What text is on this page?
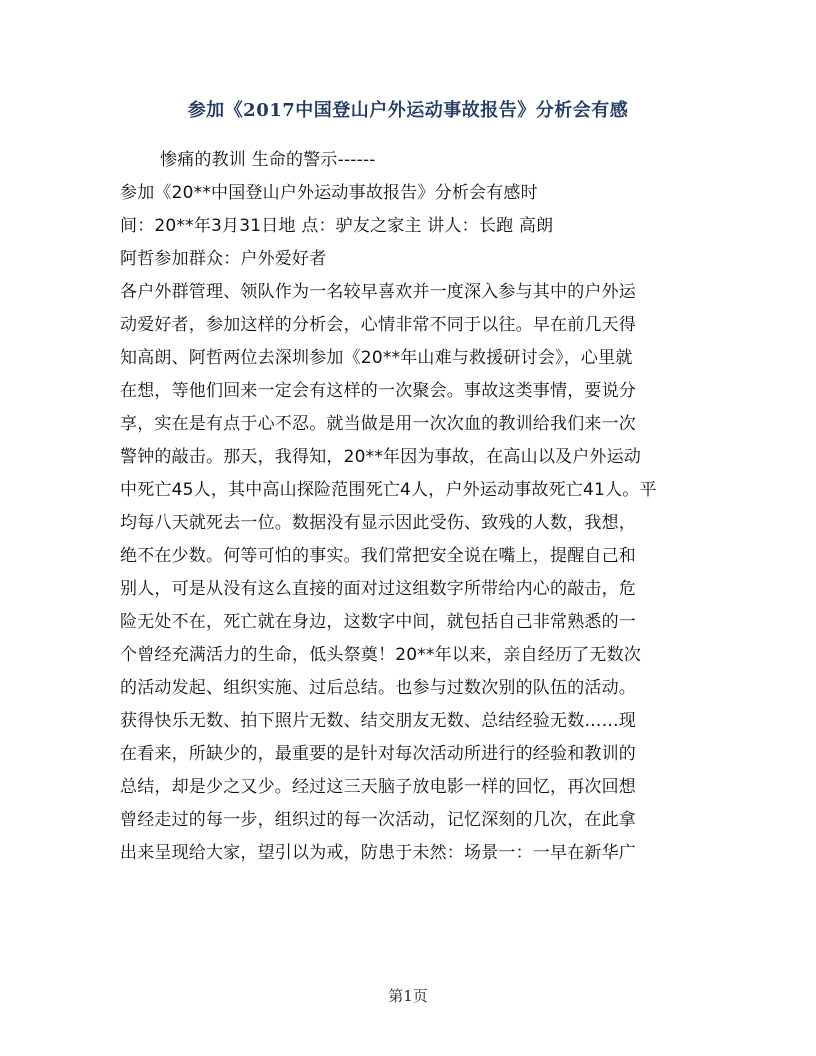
参加《2017中国登山户外运动事故报告》分析会有感
惨痛的教训 生命的警示------
参加《20**中国登山户外运动事故报告》分析会有感时
间：20**年3月31日地 点：驴友之家主 讲人：长跑 高朗
阿哲参加群众：户外爱好者
各户外群管理、领队作为一名较早喜欢并一度深入参与其中的户外运
动爱好者，参加这样的分析会，心情非常不同于以往。早在前几天得
知高朗、阿哲两位去深圳参加《20**年山难与救援研讨会》，心里就
在想，等他们回来一定会有这样的一次聚会。事故这类事情，要说分
享，实在是有点于心不忍。就当做是用一次次血的教训给我们来一次
警钟的敲击。那天，我得知，20**年因为事故，在高山以及户外运动
中死亡45人，其中高山探险范围死亡4人，户外运动事故死亡41人。平
均每八天就死去一位。数据没有显示因此受伤、致残的人数，我想，
绝不在少数。何等可怕的事实。我们常把安全说在嘴上，提醒自己和
别人，可是从没有这么直接的面对过这组数字所带给内心的敲击，危
险无处不在，死亡就在身边，这数字中间，就包括自己非常熟悉的一
个曾经充满活力的生命，低头祭奠！20**年以来，亲自经历了无数次
的活动发起、组织实施、过后总结。也参与过数次别的队伍的活动。
获得快乐无数、拍下照片无数、结交朋友无数、总结经验无数……现
在看来，所缺少的，最重要的是针对每次活动所进行的经验和教训的
总结，却是少之又少。经过这三天脑子放电影一样的回忆，再次回想
曾经走过的每一步，组织过的每一次活动，记忆深刻的几次，在此拿
出来呈现给大家，望引以为戒，防患于未然：场景一：一早在新华广
第1页
